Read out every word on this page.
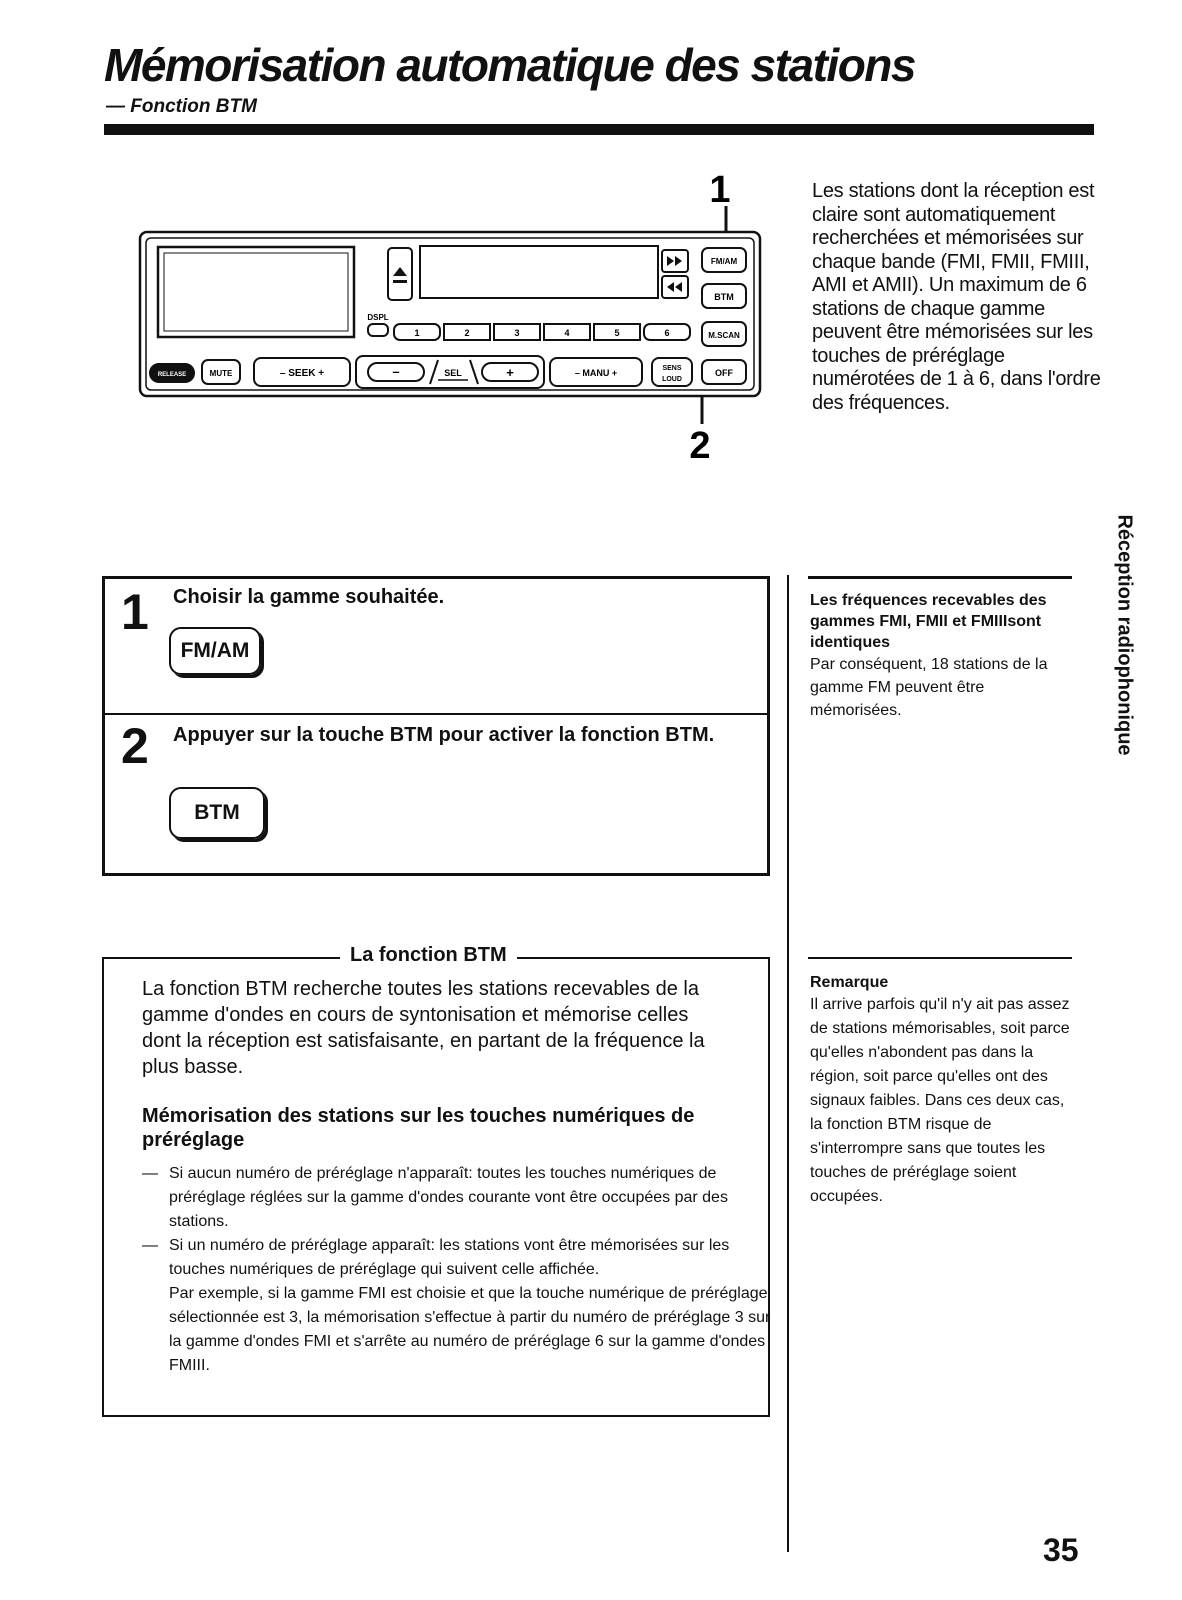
Mémorisation automatique des stations
— Fonction BTM
1
2
FM/AM
BTM
M.SCAN
OFF
DSPL
1	2	3	4	5	6
RELEASE	MUTE	– SEEK +	–	SEL	+	– MANU +	SENS
LOUD
Les stations dont la réception est claire sont automatiquement recherchées et mémorisées sur chaque bande (FMI, FMII, FMIII, AMI et AMII). Un maximum de 6 stations de chaque gamme peuvent être mémorisées sur les touches de préréglage numérotées de 1 à 6, dans l'ordre des fréquences.
1 Choisir la gamme souhaitée.
FM/AM
2 Appuyer sur la touche BTM pour activer la fonction BTM.
BTM
Les fréquences recevables des gammes FMI, FMII et FMIIIsont identiques
Par conséquent, 18 stations de la gamme FM peuvent être mémorisées.
La fonction BTM
La fonction BTM recherche toutes les stations recevables de la gamme d'ondes en cours de syntonisation et mémorise celles dont la réception est satisfaisante, en partant de la fréquence la plus basse.
Mémorisation des stations sur les touches numériques de préréglage
— Si aucun numéro de préréglage n'apparaît: toutes les touches numériques de préréglage réglées sur la gamme d'ondes courante vont être occupées par des stations.
— Si un numéro de préréglage apparaît: les stations vont être mémorisées sur les touches numériques de préréglage qui suivent celle affichée.
Par exemple, si la gamme FMI est choisie et que la touche numérique de préréglage sélectionnée est 3, la mémorisation s'effectue à partir du numéro de préréglage 3 sur la gamme d'ondes FMI et s'arrête au numéro de préréglage 6 sur la gamme d'ondes FMIII.
Remarque
Il arrive parfois qu'il n'y ait pas assez de stations mémorisables, soit parce qu'elles n'abondent pas dans la région, soit parce qu'elles ont des signaux faibles. Dans ces deux cas, la fonction BTM risque de s'interrompre sans que toutes les touches de préréglage soient occupées.
Réception radiophonique
35
